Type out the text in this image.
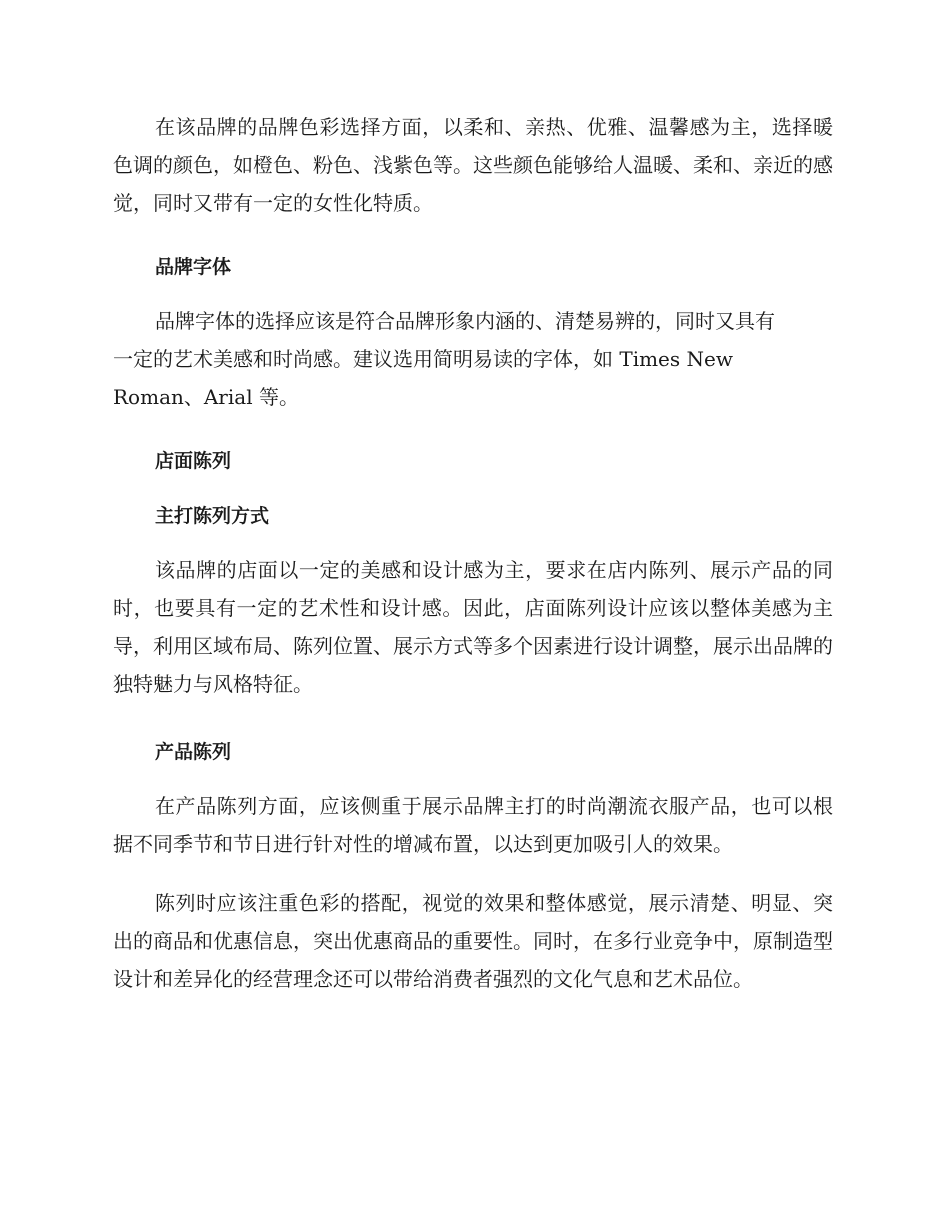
在该品牌的品牌色彩选择方面，以柔和、亲热、优雅、温馨感为主，选择暖色调的颜色，如橙色、粉色、浅紫色等。这些颜色能够给人温暖、柔和、亲近的感觉，同时又带有一定的女性化特质。

品牌字体
品牌字体的选择应该是符合品牌形象内涵的、清楚易辨的，同时又具有
一定的艺术美感和时尚感。建议选用简明易读的字体，如 Times New
Roman、Arial 等。
店面陈列
主打陈列方式

该品牌的店面以一定的美感和设计感为主，要求在店内陈列、展示产品的同时，也要具有一定的艺术性和设计感。因此，店面陈列设计应该以整体美感为主导，利用区域布局、陈列位置、展示方式等多个因素进行设计调整，展示出品牌的独特魅力与风格特征。

产品陈列

在产品陈列方面，应该侧重于展示品牌主打的时尚潮流衣服产品，也可以根据不同季节和节日进行针对性的增减布置，以达到更加吸引人的效果。

陈列时应该注重色彩的搭配，视觉的效果和整体感觉，展示清楚、明显、突出的商品和优惠信息，突出优惠商品的重要性。同时，在多行业竞争中，原制造型设计和差异化的经营理念还可以带给消费者强烈的文化气息和艺术品位。
